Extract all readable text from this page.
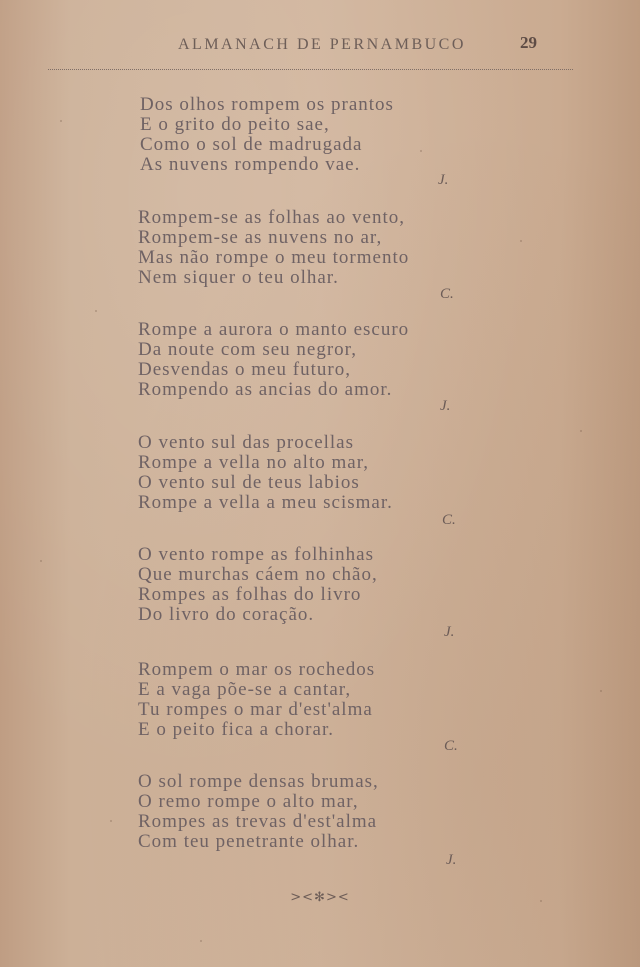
ALMANACH DE PERNAMBUCO	29
Dos olhos rompem os prantos
E o grito do peito sae,
Como o sol de madrugada
As nuvens rompendo vae.
J.
Rompem-se as folhas ao vento,
Rompem-se as nuvens no ar,
Mas não rompe o meu tormento
Nem siquer o teu olhar.
C.
Rompe a aurora o manto escuro
Da noute com seu negror,
Desvendas o meu futuro,
Rompendo as ancias do amor.
J.
O vento sul das procellas
Rompe a vella no alto mar,
O vento sul de teus labios
Rompe a vella a meu scismar.
C.
O vento rompe as folhinhas
Que murchas cáem no chão,
Rompes as folhas do livro
Do livro do coração.
J.
Rompem o mar os rochedos
E a vaga põe-se a cantar,
Tu rompes o mar d'est'alma
E o peito fica a chorar.
C.
O sol rompe densas brumas,
O remo rompe o alto mar,
Rompes as trevas d'est'alma
Com teu penetrante olhar.
J.
><✻><
